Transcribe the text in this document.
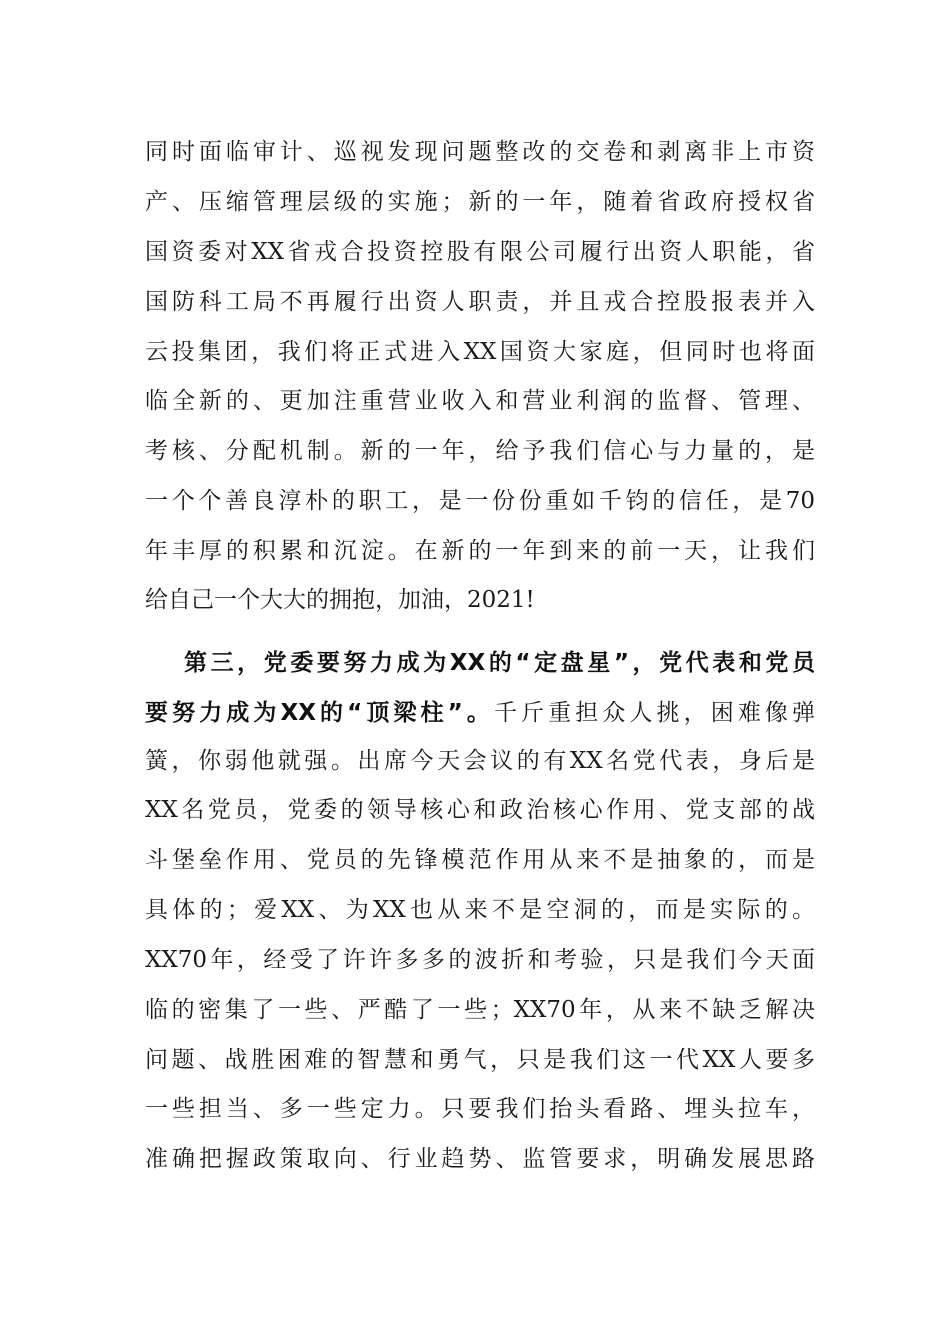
同时面临审计、巡视发现问题整改的交卷和剥离非上市资
产、压缩管理层级的实施；新的一年，随着省政府授权省
国资委对XX省戎合投资控股有限公司履行出资人职能，省
国防科工局不再履行出资人职责，并且戎合控股报表并入
云投集团，我们将正式进入XX国资大家庭，但同时也将面
临全新的、更加注重营业收入和营业利润的监督、管理、
考核、分配机制。新的一年，给予我们信心与力量的，是
一个个善良淳朴的职工，是一份份重如千钧的信任，是70
年丰厚的积累和沉淀。在新的一年到来的前一天，让我们
给自己一个大大的拥抱，加油，2021!
第三，党委要努力成为XX的“定盘星”，党代表和党员
要努力成为XX的“顶梁柱”。千斤重担众人挑，困难像弹
簧，你弱他就强。出席今天会议的有XX名党代表，身后是
XX名党员，党委的领导核心和政治核心作用、党支部的战
斗堡垒作用、党员的先锋模范作用从来不是抽象的，而是
具体的；爱XX、为XX也从来不是空洞的，而是实际的。
XX70年，经受了许许多多的波折和考验，只是我们今天面
临的密集了一些、严酷了一些；XX70年，从来不缺乏解决
问题、战胜困难的智慧和勇气，只是我们这一代XX人要多
一些担当、多一些定力。只要我们抬头看路、埋头拉车，
准确把握政策取向、行业趋势、监管要求，明确发展思路
